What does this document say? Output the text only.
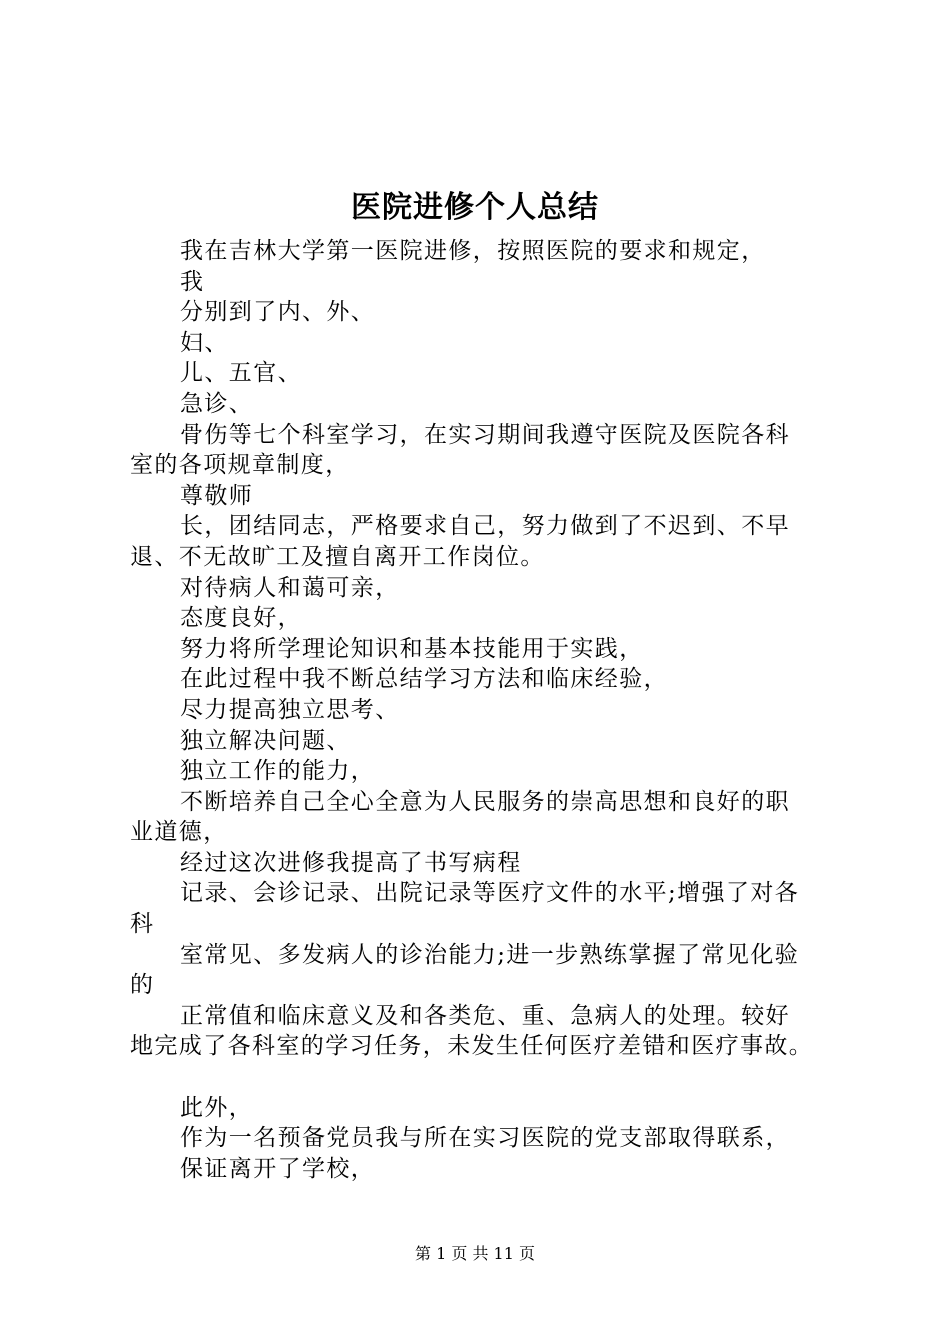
医院进修个人总结
我在吉林大学第一医院进修，按照医院的要求和规定，
我
分别到了内、外、
妇、
儿、五官、
急诊、
骨伤等七个科室学习，在实习期间我遵守医院及医院各科
室的各项规章制度，
尊敬师
长，团结同志，严格要求自己，努力做到了不迟到、不早
退、不无故旷工及擅自离开工作岗位。
对待病人和蔼可亲，
态度良好，
努力将所学理论知识和基本技能用于实践，
在此过程中我不断总结学习方法和临床经验，
尽力提高独立思考、
独立解决问题、
独立工作的能力，
不断培养自己全心全意为人民服务的崇高思想和良好的职
业道德，
经过这次进修我提高了书写病程
记录、会诊记录、出院记录等医疗文件的水平;增强了对各
科
室常见、多发病人的诊治能力;进一步熟练掌握了常见化验
的
正常值和临床意义及和各类危、重、急病人的处理。较好
地完成了各科室的学习任务，未发生任何医疗差错和医疗事故。
此外，
作为一名预备党员我与所在实习医院的党支部取得联系，
保证离开了学校，
第 1 页 共 11 页
